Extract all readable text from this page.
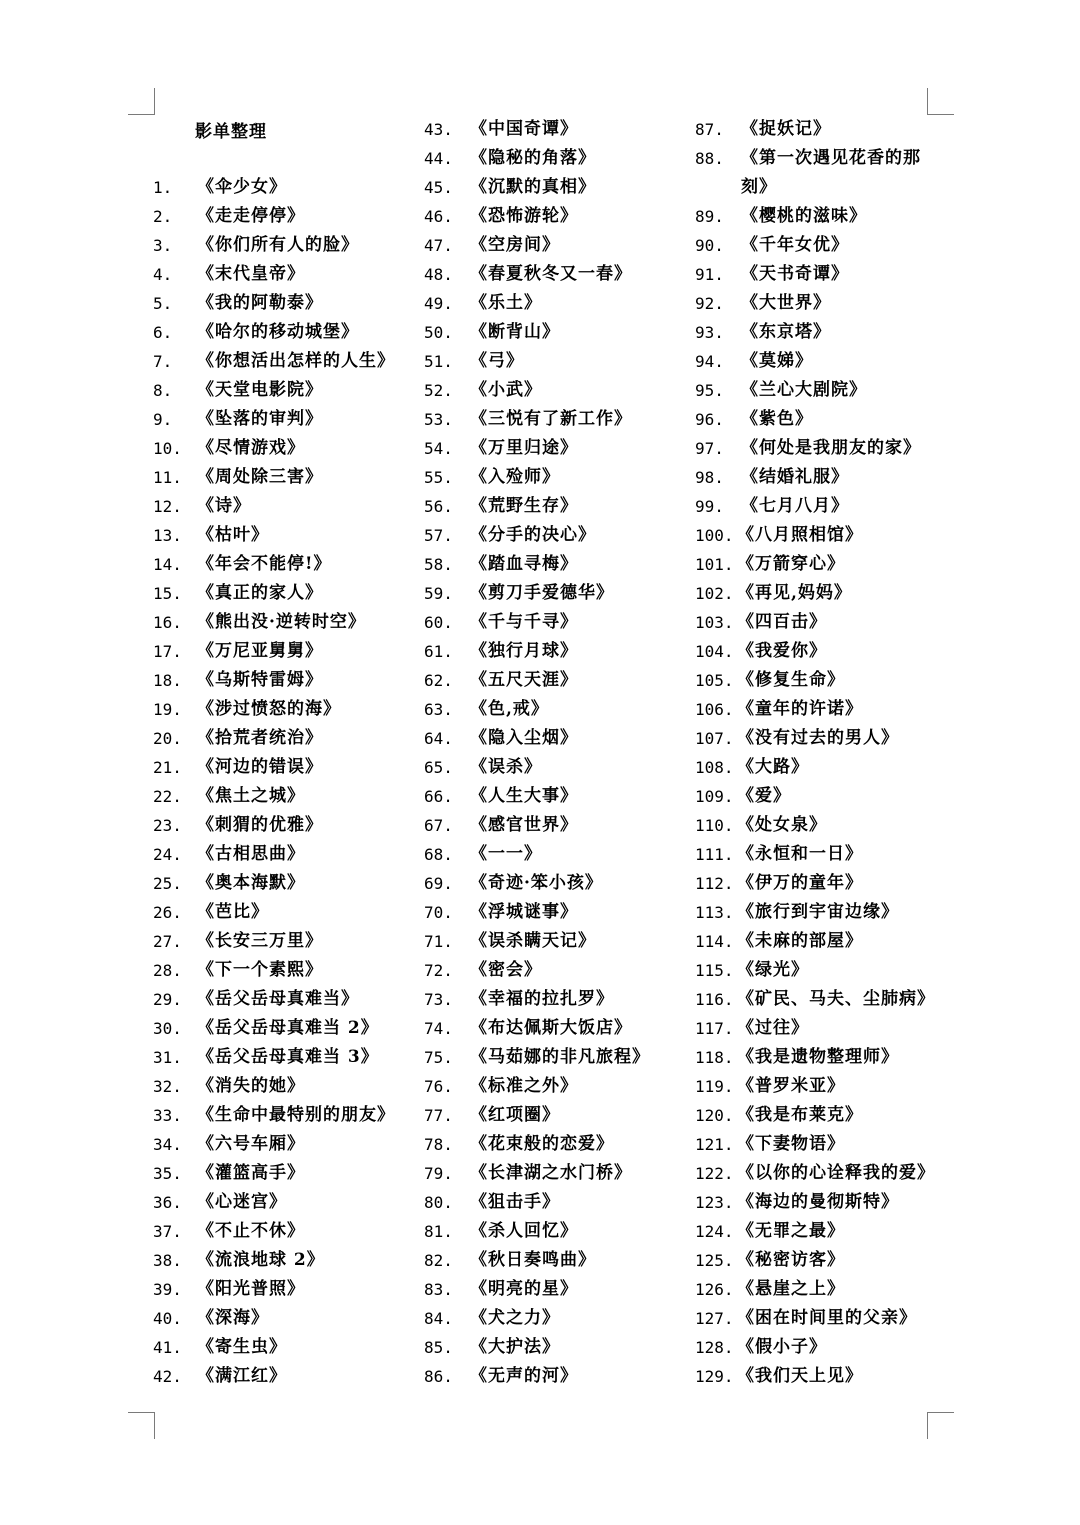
影单整理
1.	《伞少女》
2.	《走走停停》
3.	《你们所有人的脸》
4.	《末代皇帝》
5.	《我的阿勒泰》
6.	《哈尔的移动城堡》
7.	《你想活出怎样的人生》
8.	《天堂电影院》
9.	《坠落的审判》
10. 《尽情游戏》
11. 《周处除三害》
12. 《诗》
13. 《枯叶》
14. 《年会不能停!》
15. 《真正的家人》
16. 《熊出没·逆转时空》
17. 《万尼亚舅舅》
18. 《乌斯特雷姆》
19. 《涉过愤怒的海》
20. 《拾荒者统治》
21. 《河边的错误》
22. 《焦土之城》
23. 《刺猬的优雅》
24. 《古相思曲》
25. 《奥本海默》
26. 《芭比》
27. 《长安三万里》
28. 《下一个素熙》
29. 《岳父岳母真难当》
30. 《岳父岳母真难当 2》
31. 《岳父岳母真难当 3》
32. 《消失的她》
33. 《生命中最特别的朋友》
34. 《六号车厢》
35. 《灌篮高手》
36. 《心迷宫》
37. 《不止不休》
38. 《流浪地球 2》
39. 《阳光普照》
40. 《深海》
41. 《寄生虫》
42. 《满江红》
43.	《中国奇谭》
44.	《隐秘的角落》
45.	《沉默的真相》
46.	《恐怖游轮》
47.	《空房间》
48.	《春夏秋冬又一春》
49.	《乐土》
50.	《断背山》
51.	《弓》
52.	《小武》
53.	《三悦有了新工作》
54.	《万里归途》
55.	《入殓师》
56.	《荒野生存》
57.	《分手的决心》
58.	《踏血寻梅》
59.	《剪刀手爱德华》
60.	《千与千寻》
61.	《独行月球》
62.	《五尺天涯》
63.	《色,戒》
64.	《隐入尘烟》
65.	《误杀》
66.	《人生大事》
67.	《感官世界》
68.	《一一》
69.	《奇迹·笨小孩》
70.	《浮城谜事》
71.	《误杀瞒天记》
72.	《密会》
73.	《幸福的拉扎罗》
74.	《布达佩斯大饭店》
75.	《马茹娜的非凡旅程》
76.	《标准之外》
77.	《红项圈》
78.	《花束般的恋爱》
79.	《长津湖之水门桥》
80.	《狙击手》
81.	《杀人回忆》
82.	《秋日奏鸣曲》
83.	《明亮的星》
84.	《犬之力》
85.	《大护法》
86.	《无声的河》
87.	《捉妖记》
88.	《第一次遇见花香的那刻》
89.	《樱桃的滋味》
90.	《千年女优》
91.	《天书奇谭》
92.	《大世界》
93.	《东京塔》
94.	《莫娣》
95.	《兰心大剧院》
96.	《紫色》
97.	《何处是我朋友的家》
98.	《结婚礼服》
99.	《七月八月》
100. 《八月照相馆》
101. 《万箭穿心》
102. 《再见,妈妈》
103. 《四百击》
104. 《我爱你》
105. 《修复生命》
106. 《童年的许诺》
107. 《没有过去的男人》
108. 《大路》
109. 《爱》
110. 《处女泉》
111. 《永恒和一日》
112. 《伊万的童年》
113. 《旅行到宇宙边缘》
114. 《未麻的部屋》
115. 《绿光》
116. 《矿民、马夫、尘肺病》
117. 《过往》
118. 《我是遗物整理师》
119. 《普罗米亚》
120. 《我是布莱克》
121. 《下妻物语》
122. 《以你的心诠释我的爱》
123. 《海边的曼彻斯特》
124. 《无罪之最》
125. 《秘密访客》
126. 《悬崖之上》
127. 《困在时间里的父亲》
128. 《假小子》
129. 《我们天上见》
